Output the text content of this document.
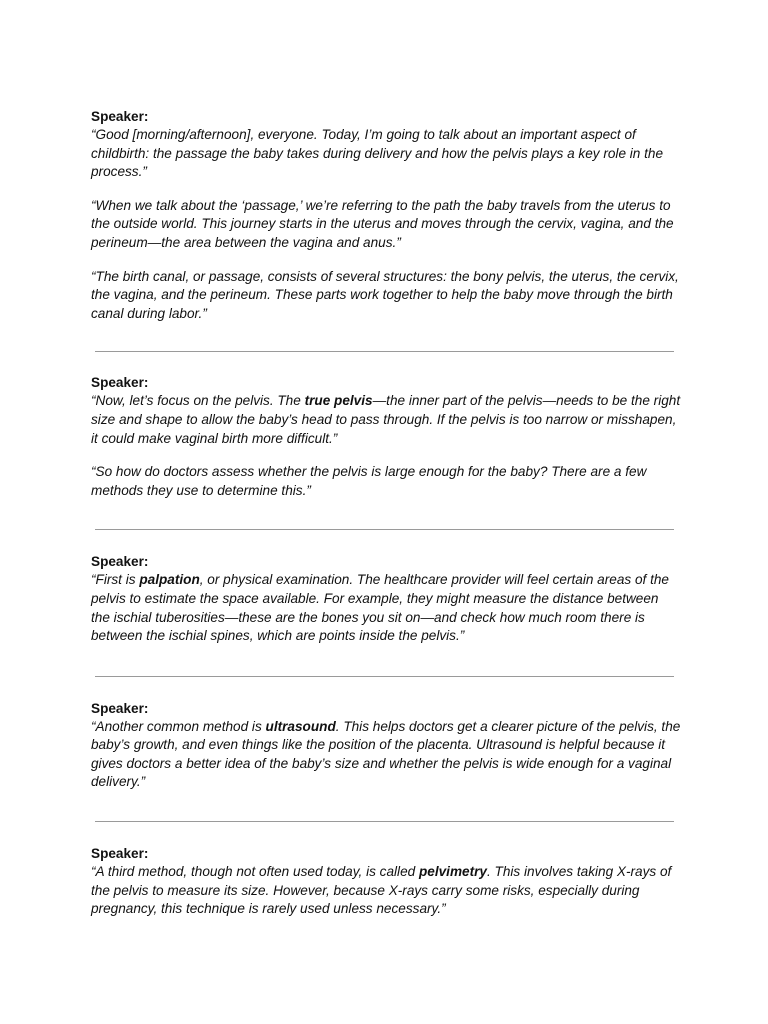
Speaker:

“Good [morning/afternoon], everyone. Today, I’m going to talk about an important aspect of childbirth: the passage the baby takes during delivery and how the pelvis plays a key role in the process.”

“When we talk about the ‘passage,’ we’re referring to the path the baby travels from the uterus to the outside world. This journey starts in the uterus and moves through the cervix, vagina, and the perineum—the area between the vagina and anus.”

“The birth canal, or passage, consists of several structures: the bony pelvis, the uterus, the cervix, the vagina, and the perineum. These parts work together to help the baby move through the birth canal during labor.”

Speaker:

“Now, let’s focus on the pelvis. The true pelvis—the inner part of the pelvis—needs to be the right size and shape to allow the baby’s head to pass through. If the pelvis is too narrow or misshapen, it could make vaginal birth more difficult.”

“So how do doctors assess whether the pelvis is large enough for the baby? There are a few methods they use to determine this.”

Speaker:

“First is palpation, or physical examination. The healthcare provider will feel certain areas of the pelvis to estimate the space available. For example, they might measure the distance between the ischial tuberosities—these are the bones you sit on—and check how much room there is between the ischial spines, which are points inside the pelvis.”

Speaker:

“Another common method is ultrasound. This helps doctors get a clearer picture of the pelvis, the baby’s growth, and even things like the position of the placenta. Ultrasound is helpful because it gives doctors a better idea of the baby’s size and whether the pelvis is wide enough for a vaginal delivery.”

Speaker:

“A third method, though not often used today, is called pelvimetry. This involves taking X-rays of the pelvis to measure its size. However, because X-rays carry some risks, especially during pregnancy, this technique is rarely used unless necessary.”
